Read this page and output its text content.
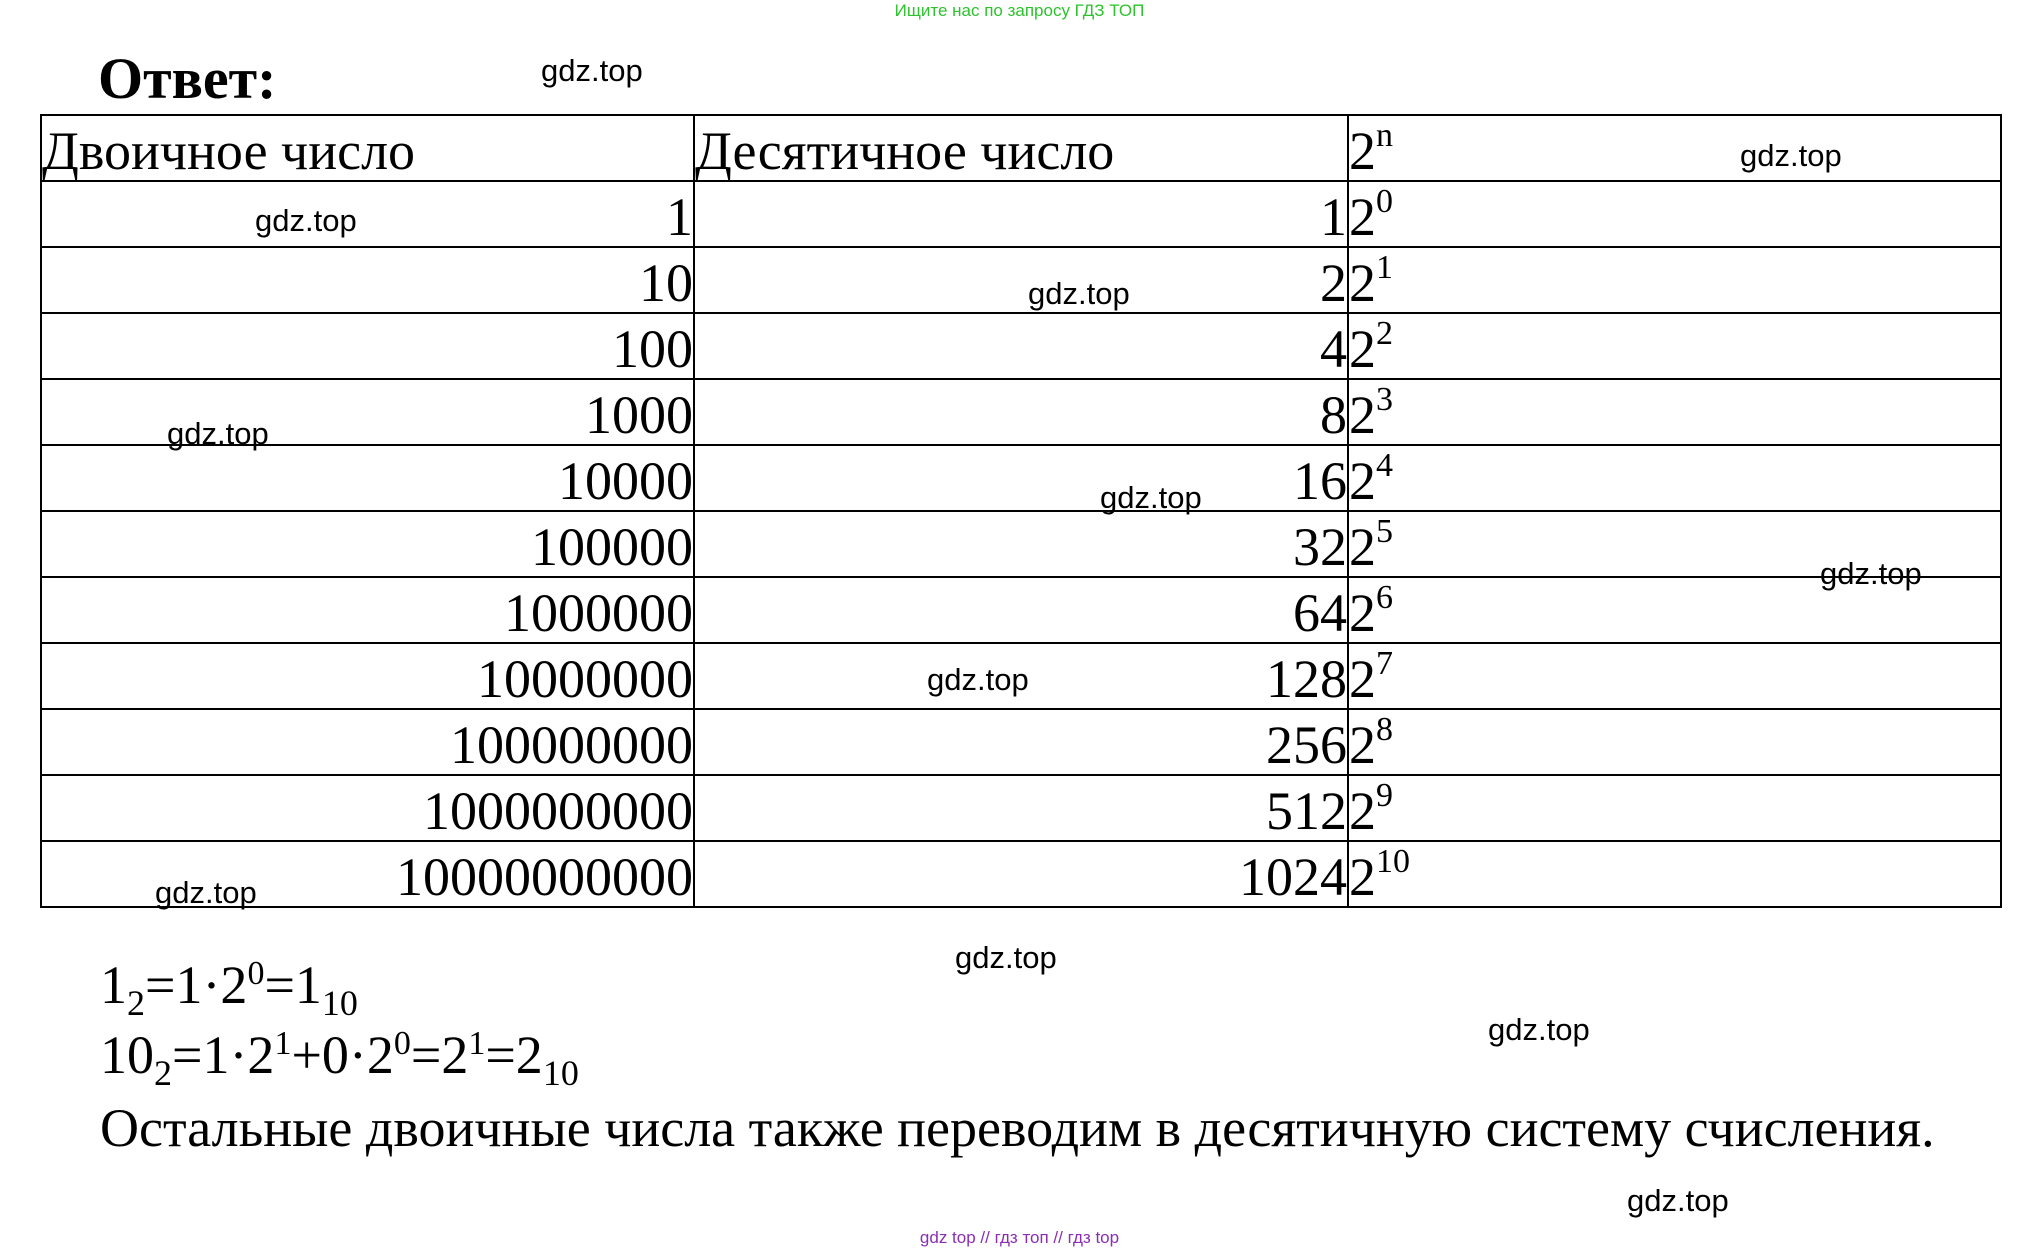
Ищите нас по запросу ГДЗ ТОП
Ответ:
Двоичное число	Десятичное число	2$^n$
1	1	$2^0$
10	2	$2^1$
100	4	$2^2$
1000	8	$2^3$
10000	16	$2^4$
100000	32	$2^5$
1000000	64	$2^6$
10000000	128	$2^7$
100000000	256	$2^8$
1000000000	512	$2^9$
10000000000	1024	$2^{10}$
$1_2=1\cdot 2^0=1_{10}$
$10_2=1\cdot 2^1+0\cdot 2^0=2^1=2_{10}$
Остальные двоичные числа также переводим в десятичную систему счисления.
gdz.top
gdz.top
gdz.top
gdz.top
gdz.top
gdz.top
gdz.top
gdz.top
gdz.top
gdz.top
gdz.top
gdz.top
gdz top // гдз топ // гдз top
